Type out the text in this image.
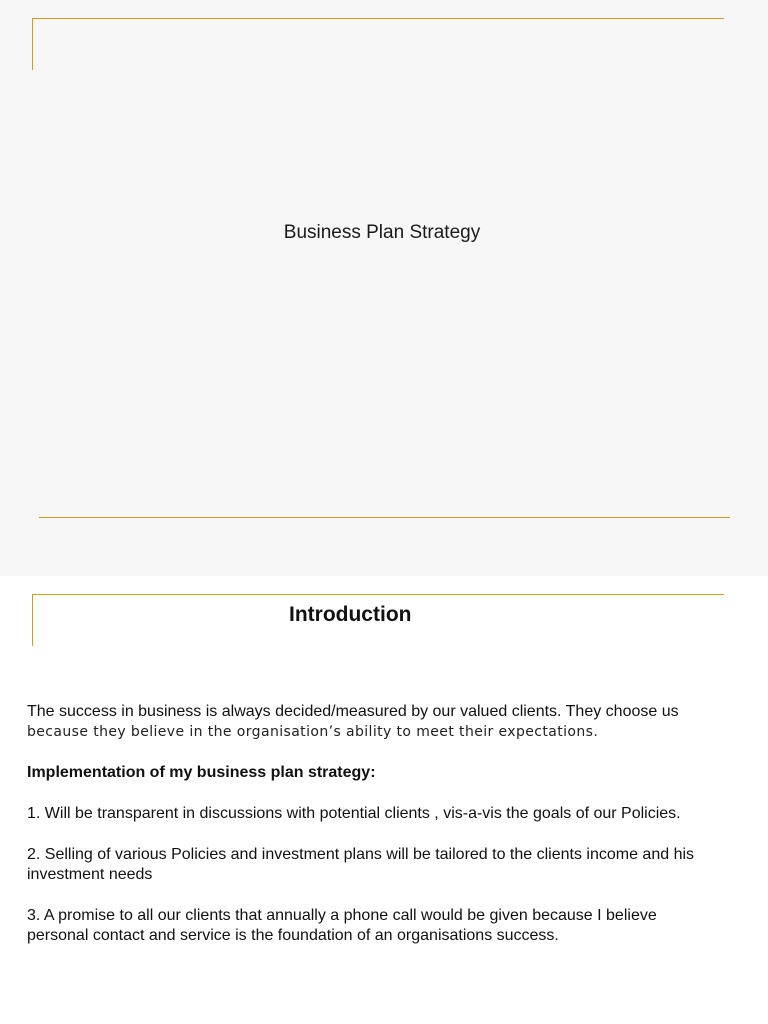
Business Plan Strategy
Introduction

The success in business is always decided/measured by our valued clients. They choose us

because they believe in the organisation’s ability to meet their expectations.

Implementation of my business plan strategy:

1. Will be transparent in discussions with potential clients , vis-a-vis the goals of our Policies.

2. Selling of various Policies and investment plans will be tailored to the clients income and his investment needs

3. A promise to all our clients that annually a phone call would be given because I believe personal contact and service is the foundation of an organisations success.
